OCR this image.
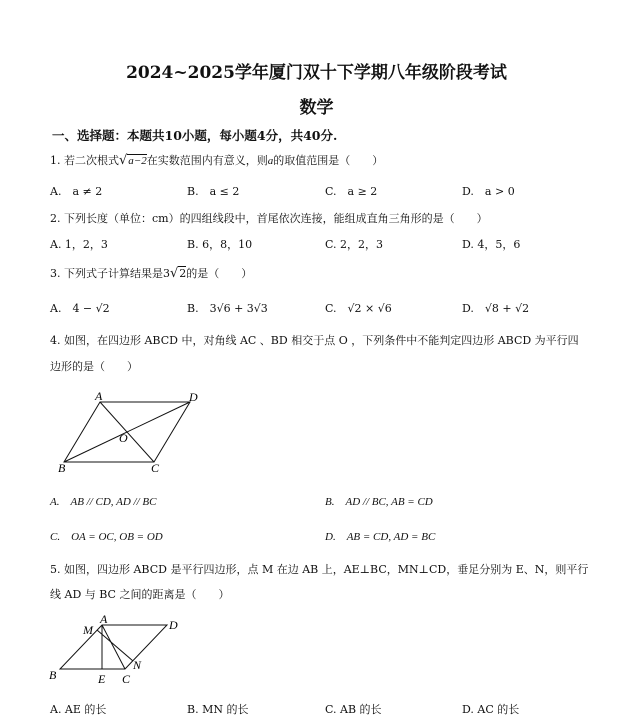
2024~2025学年厦门双十下学期八年级阶段考试
数学
一、选择题：本题共10小题，每小题4分，共40分.
1. 若二次根式√a−2在实数范围内有意义，则a的取值范围是（　　）
A.　a ≠ 2	B.　a ≤ 2	C.　a ≥ 2	D.　a > 0
2. 下列长度（单位：cm）的四组线段中，首尾依次连接，能组成直角三角形的是（　　）
A. 1，2，3	B. 6，8，10	C. 2，2，3	D. 4，5，6
3. 下列式子计算结果是3√2的是（　　）
A.　4 − √2	B.　3√6 + 3√3	C.　√2 × √6	D.　√8 + √2
4. 如图，在四边形 ABCD 中，对角线 AC 、BD 相交于点 O ，下列条件中不能判定四边形 ABCD 为平行四
边形的是（　　）
A	D
O
B	C
A.　AB // CD, AD // BC	B.　AD // BC, AB = CD
C.　OA = OC, OB = OD	D.　AB = CD, AD = BC
5. 如图，四边形 ABCD 是平行四边形，点 M 在边 AB 上，AE⊥BC，MN⊥CD，垂足分别为 E、N，则平行
线 AD 与 BC 之间的距离是（　　）
M
A	D
B	E C
N
A. AE 的长	B. MN 的长	C. AB 的长	D. AC 的长
